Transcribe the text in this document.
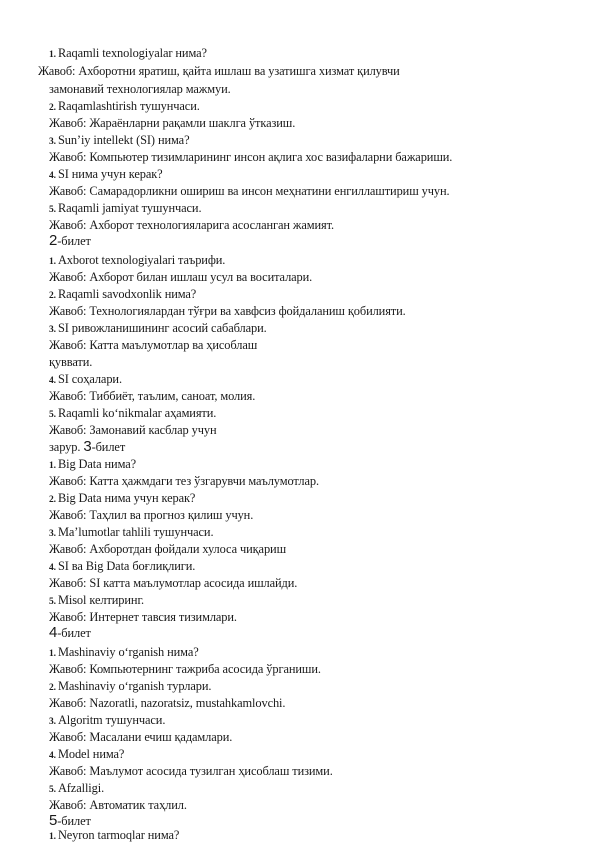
1. Raqamli texnologiyalar нима?
Жавоб: Ахборотни яратиш, қайта ишлаш ва узатишга хизмат қилувчи
замонавий технологиялар мажмуи.
2. Raqamlashtirish тушунчаси.
Жавоб: Жараёнларни рақамли шаклга ўтказиш.
3. Sun’iy intellekt (SI) нима?
Жавоб: Компьютер тизимларининг инсон ақлига хос вазифаларни бажариши.
4. SI нима учун керак?
Жавоб: Самарадорликни ошириш ва инсон меҳнатини енгиллаштириш учун.
5. Raqamli jamiyat тушунчаси.
Жавоб: Ахборот технологияларига асосланган жамият.
2-билет
1. Axborot texnologiyalari таърифи.
Жавоб: Ахборот билан ишлаш усул ва воситалари.
2. Raqamli savodxonlik нима?
Жавоб: Технологиялардан тўғри ва хавфсиз фойдаланиш қобилияти.
3. SI ривожланишининг асосий сабаблари.
Жавоб: Катта маълумотлар ва ҳисоблаш
қуввати.
4. SI соҳалари.
Жавоб: Тиббиёт, таълим, саноат, молия.
5. Raqamli ko‘nikmalar аҳамияти.
Жавоб: Замонавий касблар учун
зарур. 3-билет
1. Big Data нима?
Жавоб: Катта ҳажмдаги тез ўзгарувчи маълумотлар.
2. Big Data нима учун керак?
Жавоб: Таҳлил ва прогноз қилиш учун.
3. Ma’lumotlar tahlili тушунчаси.
Жавоб: Ахборотдан фойдали хулоса чиқариш
4. SI ва Big Data боғлиқлиги.
Жавоб: SI катта маълумотлар асосида ишлайди.
5. Misol келтиринг.
Жавоб: Интернет тавсия тизимлари.
4-билет
1. Mashinaviy o‘rganish нима?
Жавоб: Компьютернинг тажриба асосида ўрганиши.
2. Mashinaviy o‘rganish турлари.
Жавоб: Nazoratli, nazoratsiz, mustahkamlovchi.
3. Algoritm тушунчаси.
Жавоб: Масалани ечиш қадамлари.
4. Model нима?
Жавоб: Маълумот асосида тузилган ҳисоблаш тизими.
5. Afzalligi.
Жавоб: Автоматик таҳлил.
5-билет
1. Neyron tarmoqlar нима?
